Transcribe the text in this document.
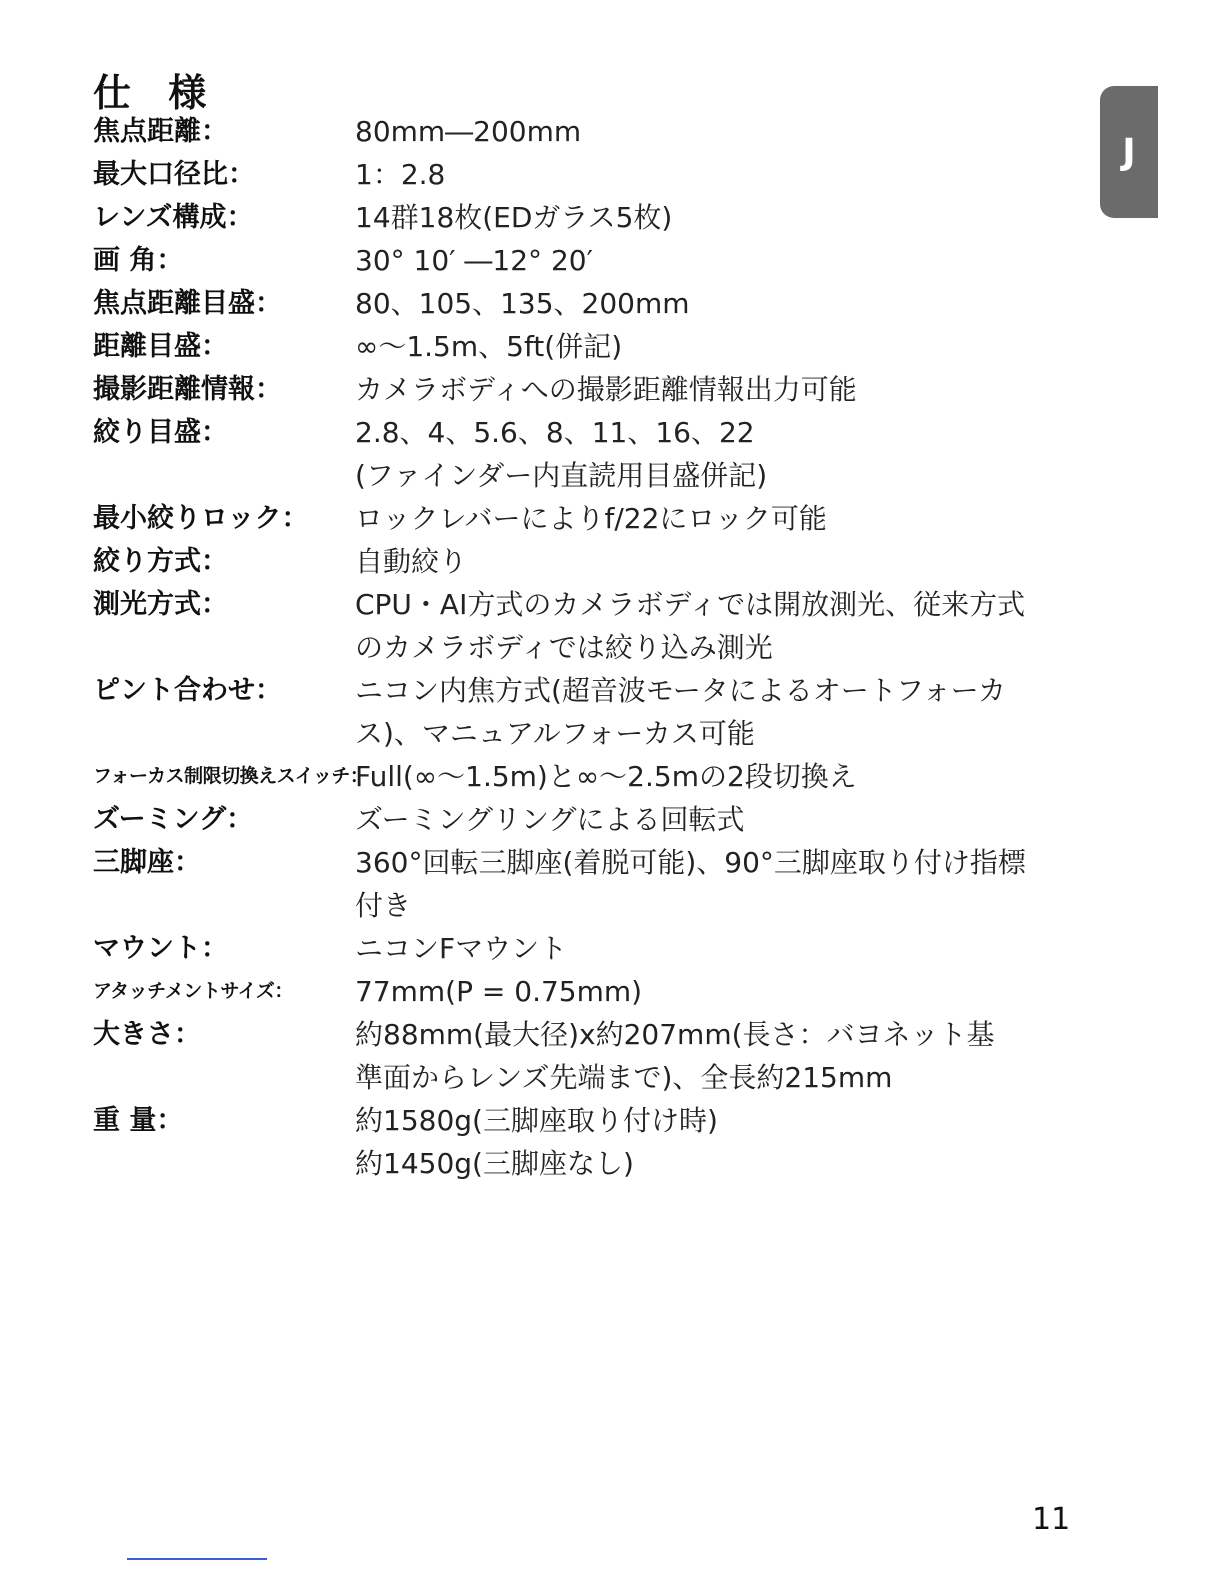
仕 様
J
焦点距離：	80mm―200mm
最大口径比：	1：2.8
レンズ構成：	14群18枚(EDガラス5枚)
画 角：	30° 10′ ―12° 20′
焦点距離目盛：	80、105、135、200mm
距離目盛：	∞～1.5m、5ft(併記)
撮影距離情報：	カメラボディへの撮影距離情報出力可能
絞り目盛：	2.8、4、5.6、8、11、16、22
(ファインダー内直読用目盛併記)
最小絞りロック：	ロックレバーによりf/22にロック可能
絞り方式：	自動絞り
測光方式：	CPU・AI方式のカメラボディでは開放測光、従来方式
のカメラボディでは絞り込み測光
ピント合わせ：	ニコン内焦方式(超音波モータによるオートフォーカ
ス)、マニュアルフォーカス可能
フォーカス制限切換えスイッチ：
Full(∞～1.5m)と∞～2.5mの2段切換え
ズーミング：	ズーミングリングによる回転式
三脚座：	360°回転三脚座(着脱可能)、90°三脚座取り付け指標
付き
マウント：	ニコンFマウント
アタッチメントサイズ：	77mm(P = 0.75mm)
大きさ：	約88mm(最大径)x約207mm(長さ：バヨネット基
準面からレンズ先端まで)、全長約215mm
重 量：	約1580g(三脚座取り付け時)
約1450g(三脚座なし)
11
